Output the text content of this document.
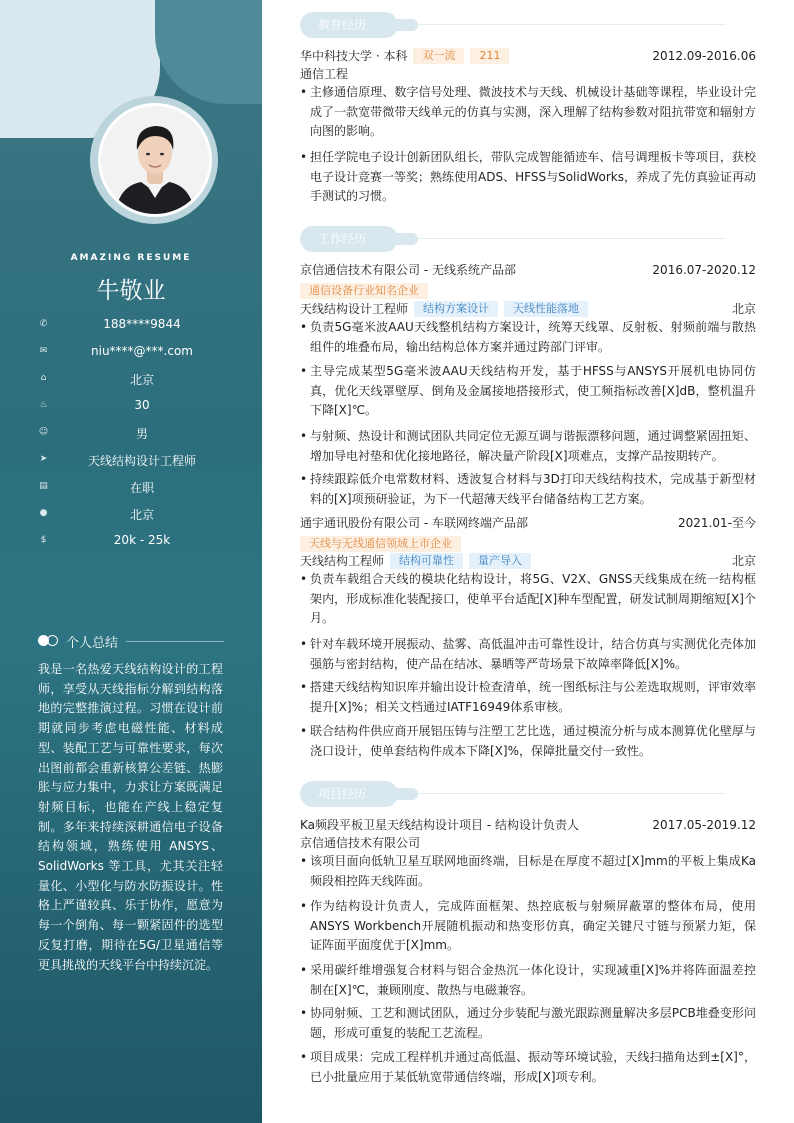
AMAZING RESUME
牛敬业
✆	188****9844
✉	niu****@***.com
⌂	北京
♨	30
☺	男
➤	天线结构设计工程师
▤	在职
●	北京
$	20k - 25k
个人总结
我是一名热爱天线结构设计的工程师，享受从天线指标分解到结构落地的完整推演过程。习惯在设计前期就同步考虑电磁性能、材料成型、装配工艺与可靠性要求，每次出图前都会重新核算公差链、热膨胀与应力集中，力求让方案既满足射频目标，也能在产线上稳定复制。多年来持续深耕通信电子设备结构领域，熟练使用 ANSYS、SolidWorks 等工具，尤其关注轻量化、小型化与防水防振设计。性格上严谨较真、乐于协作，愿意为每一个倒角、每一颗紧固件的选型反复打磨，期待在5G/卫星通信等更具挑战的天线平台中持续沉淀。
教育经历
华中科技大学 · 本科 双一流 211	2012.09-2016.06
通信工程
• 主修通信原理、数字信号处理、微波技术与天线、机械设计基础等课程，毕业设计完成了一款宽带微带天线单元的仿真与实测，深入理解了结构参数对阻抗带宽和辐射方向图的影响。
• 担任学院电子设计创新团队组长，带队完成智能循迹车、信号调理板卡等项目，获校电子设计竞赛一等奖；熟练使用ADS、HFSS与SolidWorks，养成了先仿真验证再动手测试的习惯。
工作经历
京信通信技术有限公司 - 无线系统产品部	2016.07-2020.12
通信设备行业知名企业
天线结构设计工程师 结构方案设计 天线性能落地	北京
• 负责5G毫米波AAU天线整机结构方案设计，统筹天线罩、反射板、射频前端与散热组件的堆叠布局，输出结构总体方案并通过跨部门评审。
• 主导完成某型5G毫米波AAU天线结构开发，基于HFSS与ANSYS开展机电协同仿真，优化天线罩壁厚、倒角及金属接地搭接形式，使工频指标改善[X]dB，整机温升下降[X]℃。
• 与射频、热设计和测试团队共同定位无源互调与谐振漂移问题，通过调整紧固扭矩、增加导电衬垫和优化接地路径，解决量产阶段[X]项难点，支撑产品按期转产。
• 持续跟踪低介电常数材料、透波复合材料与3D打印天线结构技术，完成基于新型材料的[X]项预研验证，为下一代超薄天线平台储备结构工艺方案。
通宇通讯股份有限公司 - 车联网终端产品部	2021.01-至今
天线与无线通信领域上市企业
天线结构工程师 结构可靠性 量产导入	北京
• 负责车载组合天线的模块化结构设计，将5G、V2X、GNSS天线集成在统一结构框架内，形成标准化装配接口，使单平台适配[X]种车型配置，研发试制周期缩短[X]个月。
• 针对车载环境开展振动、盐雾、高低温冲击可靠性设计，结合仿真与实测优化壳体加强筋与密封结构，使产品在结冰、暴晒等严苛场景下故障率降低[X]%。
• 搭建天线结构知识库并输出设计检查清单，统一图纸标注与公差选取规则，评审效率提升[X]%；相关文档通过IATF16949体系审核。
• 联合结构件供应商开展铝压铸与注塑工艺比选，通过模流分析与成本测算优化壁厚与浇口设计，使单套结构件成本下降[X]%，保障批量交付一致性。
项目经历
Ka频段平板卫星天线结构设计项目 - 结构设计负责人	2017.05-2019.12
京信通信技术有限公司
• 该项目面向低轨卫星互联网地面终端，目标是在厚度不超过[X]mm的平板上集成Ka频段相控阵天线阵面。
• 作为结构设计负责人，完成阵面框架、热控底板与射频屏蔽罩的整体布局，使用ANSYS Workbench开展随机振动和热变形仿真，确定关键尺寸链与预紧力矩，保证阵面平面度优于[X]mm。
• 采用碳纤维增强复合材料与铝合金热沉一体化设计，实现减重[X]%并将阵面温差控制在[X]℃，兼顾刚度、散热与电磁兼容。
• 协同射频、工艺和测试团队，通过分步装配与激光跟踪测量解决多层PCB堆叠变形问题，形成可重复的装配工艺流程。
• 项目成果：完成工程样机并通过高低温、振动等环境试验，天线扫描角达到±[X]°，已小批量应用于某低轨宽带通信终端，形成[X]项专利。
